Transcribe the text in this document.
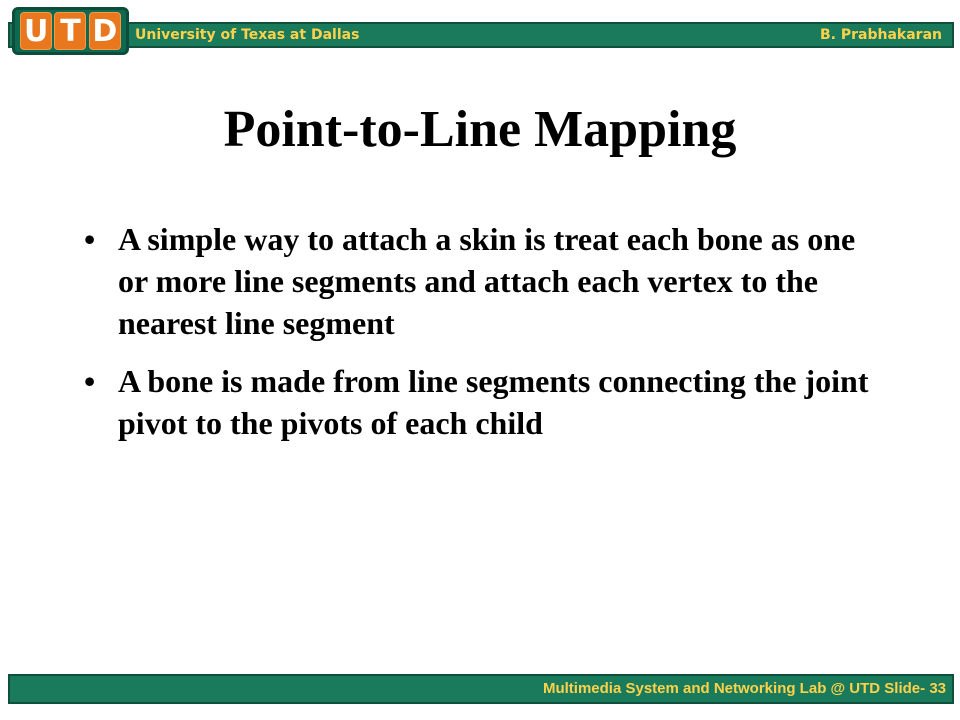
U T D University of Texas at Dallas	B. Prabhakaran
Point-to-Line Mapping
• A simple way to attach a skin is treat each bone as one or more line segments and attach each vertex to the nearest line segment
• A bone is made from line segments connecting the joint pivot to the pivots of each child
Multimedia System and Networking Lab @ UTD Slide- 33
